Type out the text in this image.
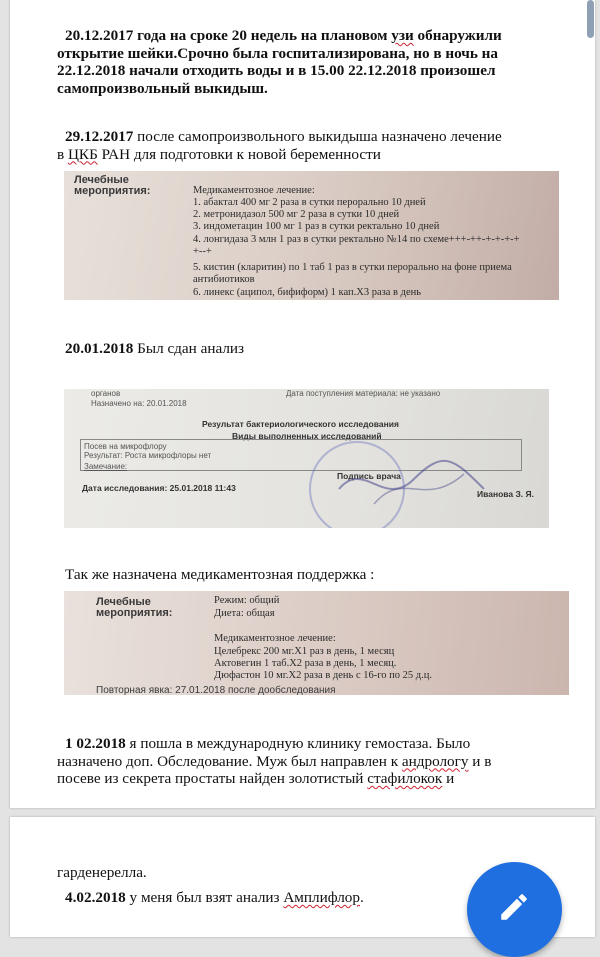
20.12.2017 года на сроке 20 недель на плановом узи обнаружили
открытие шейки.Срочно была госпитализирована, но в ночь на
22.12.2018 начали отходить воды и в 15.00 22.12.2018 произошел
самопроизвольный выкидыш.
29.12.2017 после самопроизвольного выкидыша назначено лечение
в ЦКБ РАН для подготовки к новой беременности
Лечебные
мероприятия:	Медикаментозное лечение:
1. абактал 400 мг 2 раза в сутки перорально 10 дней
2. метронидазол 500 мг 2 раза в сутки 10 дней
3. индометацин 100 мг 1 раз в сутки ректально 10 дней
4. лонгидаза 3 млн 1 раз в сутки ректально №14 по схеме+++-++-+-+-+-+
+--+
5. кистин (кларитин) по 1 таб 1 раз в сутки перорально на фоне приема
антибиотиков
6. линекс (аципол, бифиформ) 1 кап.Х3 раза в день
20.01.2018 Был сдан анализ
органов	Дата поступления материала: не указано
Назначено на: 20.01.2018
Результат бактериологического исследования
Виды выполненных исследований
Посев на микрофлору
Результат: Роста микрофлоры нет
Замечание:
Подпись врача
Дата исследования: 25.01.2018 11:43
Иванова З. Я.
Так же назначена медикаментозная поддержка :
Лечебные
мероприятия:
Режим: общий
Диета: общая
Медикаментозное лечение:
Целебрекс 200 мг.Х1 раз в день, 1 месяц
Актовегин 1 таб.Х2 раза в день, 1 месяц.
Дюфастон 10 мг.Х2 раза в день с 16-го по 25 д.ц.
Повторная явка: 27.01.2018 после дообследования
1 02.2018 я пошла в международную клинику гемостаза. Было
назначено доп. Обследование. Муж был направлен к андрологу и в
посеве из секрета простаты найден золотистый стафилокок и
гарденерелла.
4.02.2018 у меня был взят анализ Амплифлор.
